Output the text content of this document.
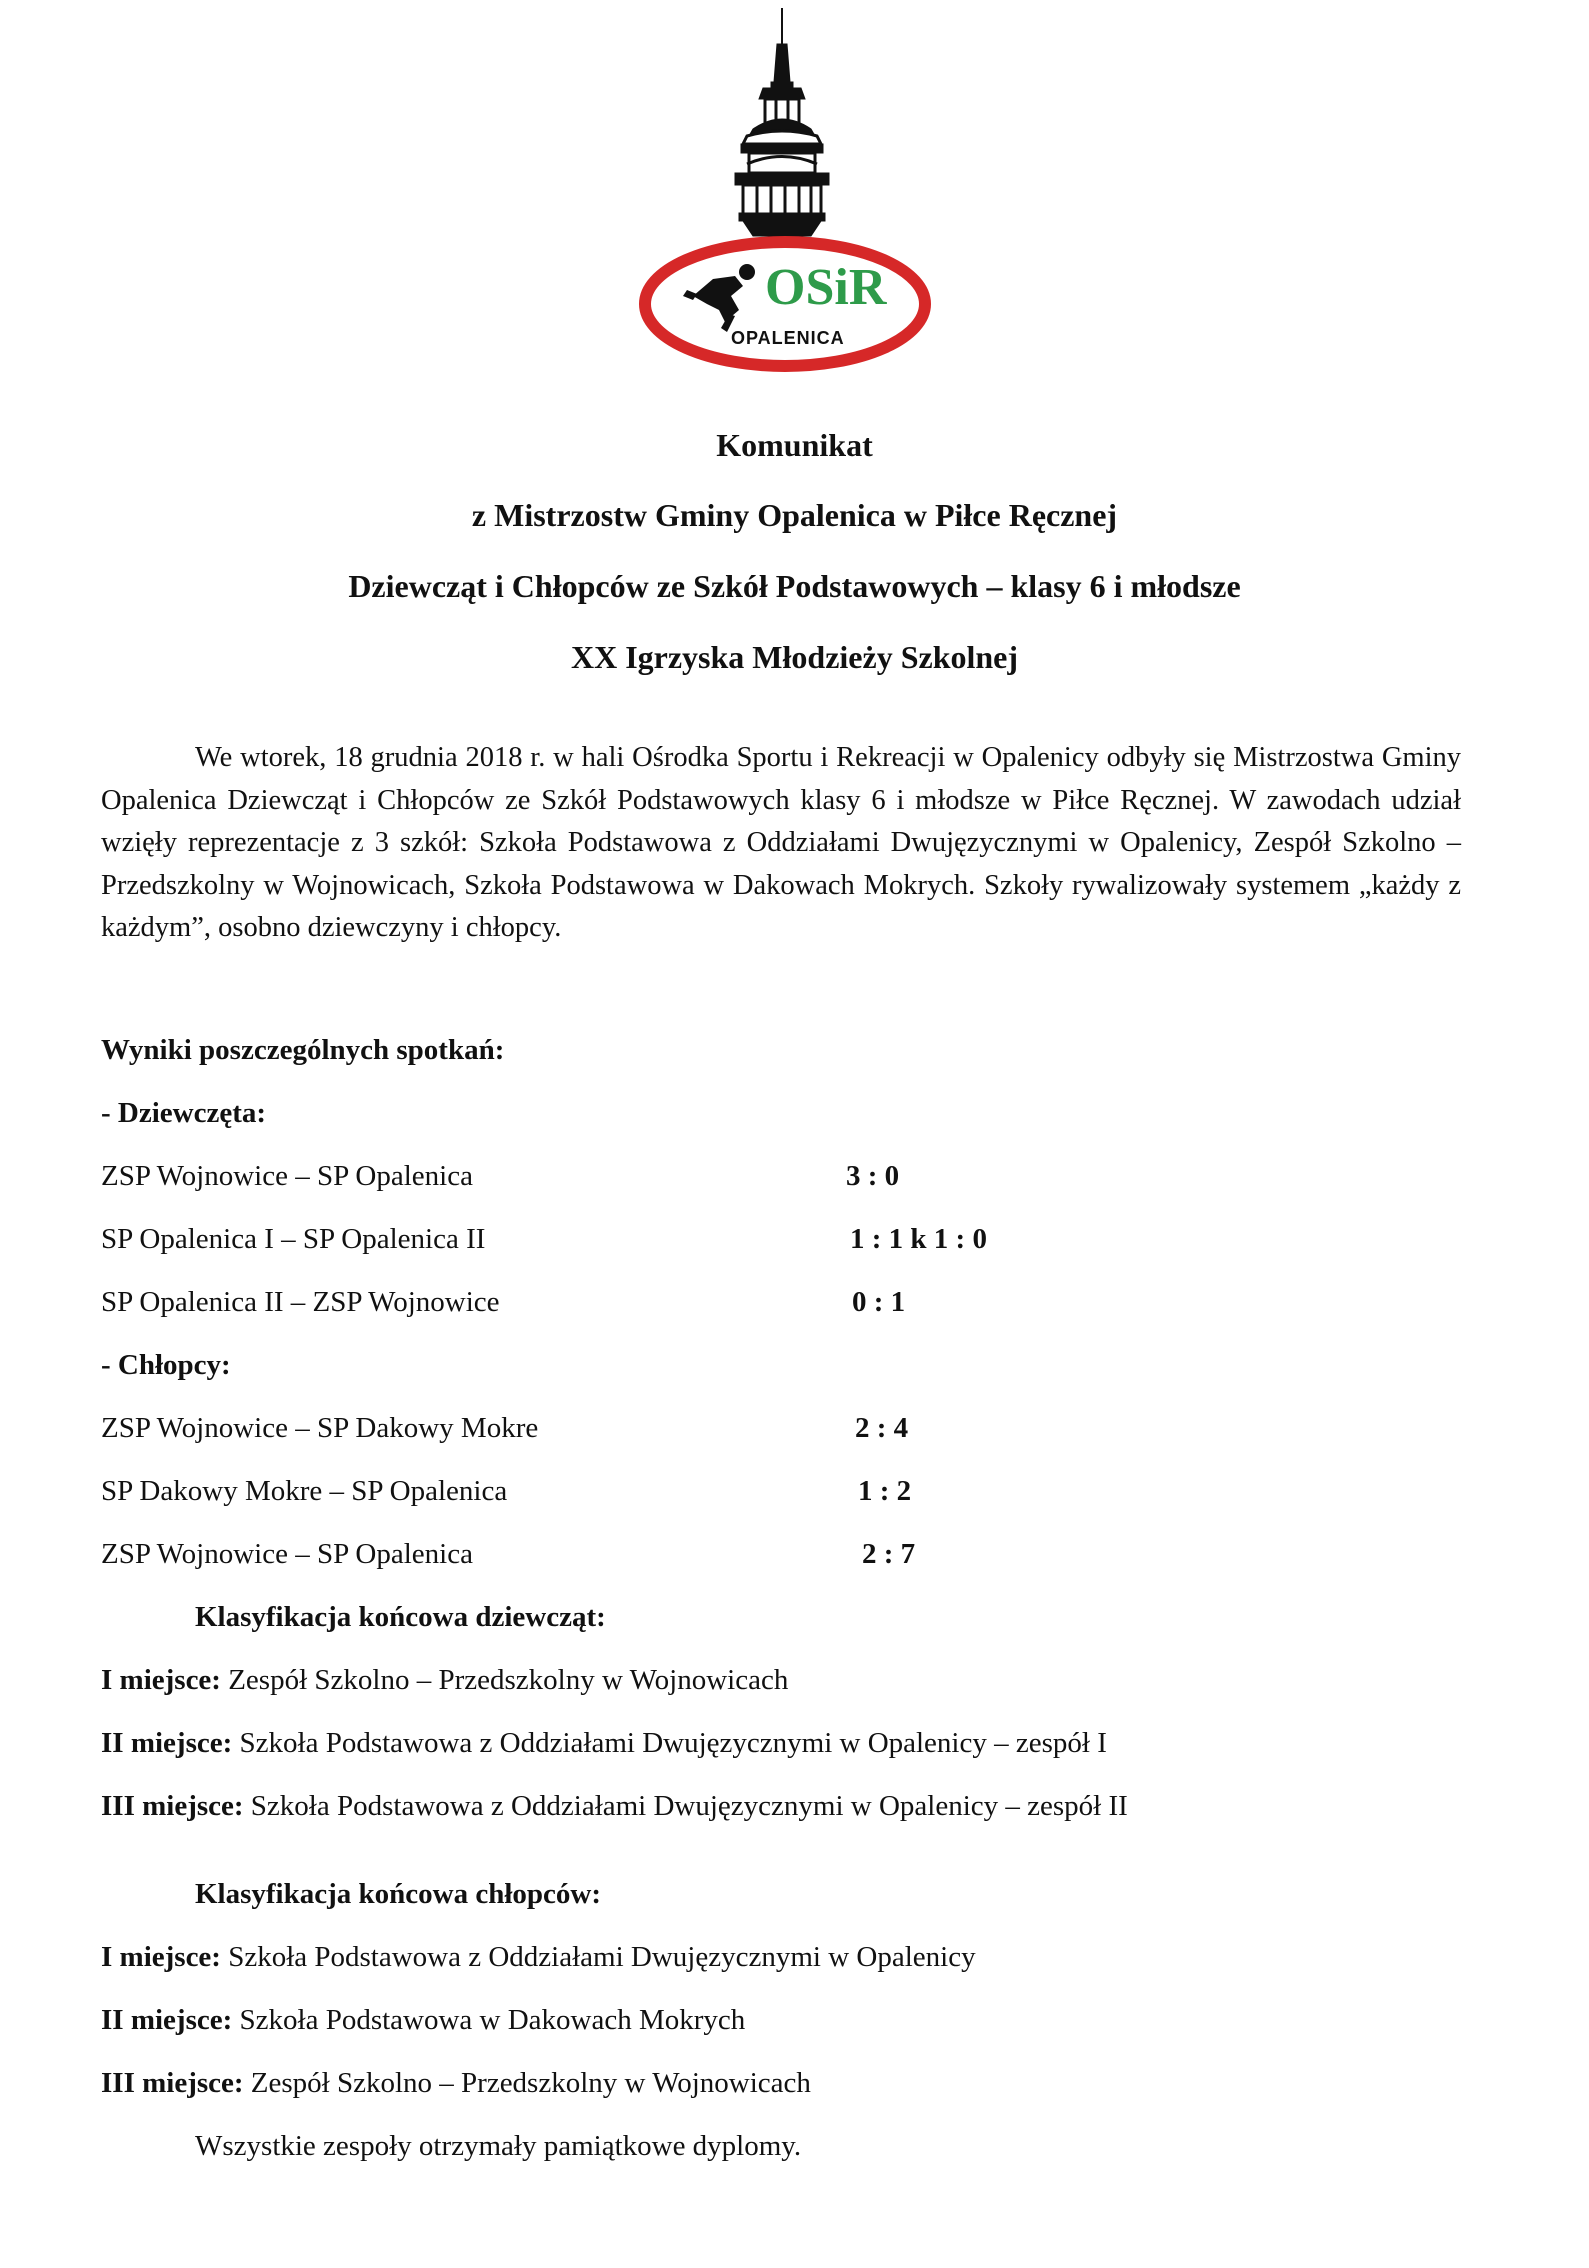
OSiR
OPALENICA
Komunikat
z Mistrzostw Gminy Opalenica w Piłce Ręcznej
Dziewcząt i Chłopców ze Szkół Podstawowych – klasy 6 i młodsze
XX Igrzyska Młodzieży Szkolnej

We wtorek, 18 grudnia 2018 r. w hali Ośrodka Sportu i Rekreacji w Opalenicy odbyły się Mistrzostwa Gminy Opalenica Dziewcząt i Chłopców ze Szkół Podstawowych klasy 6 i młodsze w Piłce Ręcznej. W zawodach udział wzięły reprezentacje z 3 szkół: Szkoła Podstawowa z Oddziałami Dwujęzycznymi w Opalenicy, Zespół Szkolno – Przedszkolny w Wojnowicach, Szkoła Podstawowa w Dakowach Mokrych. Szkoły rywalizowały systemem „każdy z każdym”, osobno dziewczyny i chłopcy.

Wyniki poszczególnych spotkań:
- Dziewczęta:
ZSP Wojnowice – SP Opalenica	3 : 0
SP Opalenica I – SP Opalenica II	1 : 1 k 1 : 0
SP Opalenica II – ZSP Wojnowice	0 : 1
- Chłopcy:
ZSP Wojnowice – SP Dakowy Mokre	2 : 4
SP Dakowy Mokre – SP Opalenica	1 : 2
ZSP Wojnowice – SP Opalenica	2 : 7
Klasyfikacja końcowa dziewcząt:
I miejsce: Zespół Szkolno – Przedszkolny w Wojnowicach
II miejsce: Szkoła Podstawowa z Oddziałami Dwujęzycznymi w Opalenicy – zespół I
III miejsce: Szkoła Podstawowa z Oddziałami Dwujęzycznymi w Opalenicy – zespół II
Klasyfikacja końcowa chłopców:
I miejsce: Szkoła Podstawowa z Oddziałami Dwujęzycznymi w Opalenicy
II miejsce: Szkoła Podstawowa w Dakowach Mokrych
III miejsce: Zespół Szkolno – Przedszkolny w Wojnowicach
Wszystkie zespoły otrzymały pamiątkowe dyplomy.
